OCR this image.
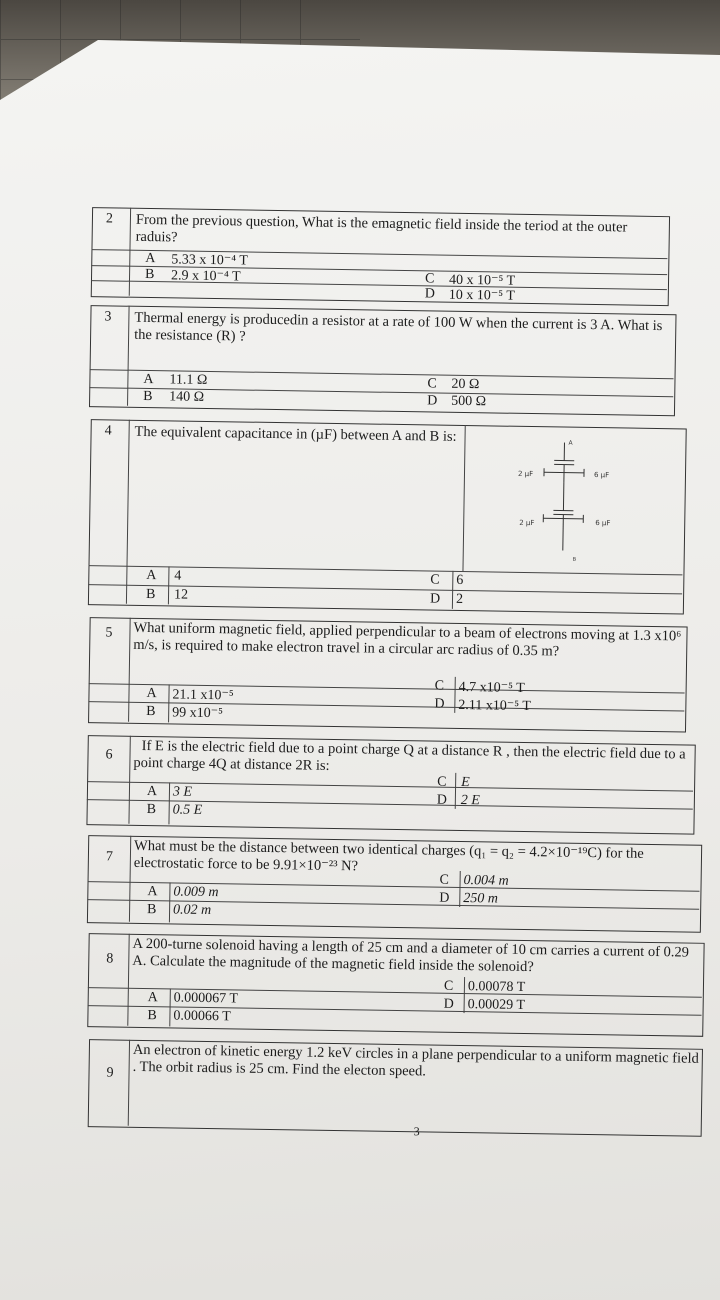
2 From the previous question, What is the emagnetic field inside the teriod at the outer raduis?
A 5.33 x 10⁻⁴ T
B 2.9 x 10⁻⁴ T	C 40 x 10⁻⁵ T
D 10 x 10⁻⁵ T
3 Thermal energy is producedin a resistor at a rate of 100 W when the current is 3 A. What is the resistance (R) ?
A 11.1 Ω
B 140 Ω
C 20 Ω
D 500 Ω
4 The equivalent capacitance in (µF) between A and B is:	A
2 µF	6 µF
2 µF	6 µF
B
A 4
B 12
C 6
D 2
5 What uniform magnetic field, applied perpendicular to a beam of electrons moving at 1.3 x10⁶ m/s, is required to make electron travel in a circular arc radius of 0.35 m?
A 21.1 x10⁻⁵
B 99 x10⁻⁵
C 4.7 x10⁻⁵ T
D 2.11 x10⁻⁵ T
6	If E is the electric field due to a point charge Q at a distance R , then the electric field due to a point charge 4Q at distance 2R is:
A 3 E
B 0.5 E
C E
D 2 E
7 What must be the distance between two identical charges (q₁ = q₂ = 4.2×10⁻¹⁹C) for the electrostatic force to be 9.91×10⁻²³ N?
A 0.009 m
B 0.02 m
C 0.004 m
D 250 m
8 A 200-turne solenoid having a length of 25 cm and a diameter of 10 cm carries a current of 0.29 A. Calculate the magnitude of the magnetic field inside the solenoid?
A 0.000067 T
B 0.00066 T
C 0.00078 T
D 0.00029 T
9
An electron of kinetic energy 1.2 keV circles in a plane perpendicular to a uniform magnetic field . The orbit radius is 25 cm. Find the electon speed.
3
